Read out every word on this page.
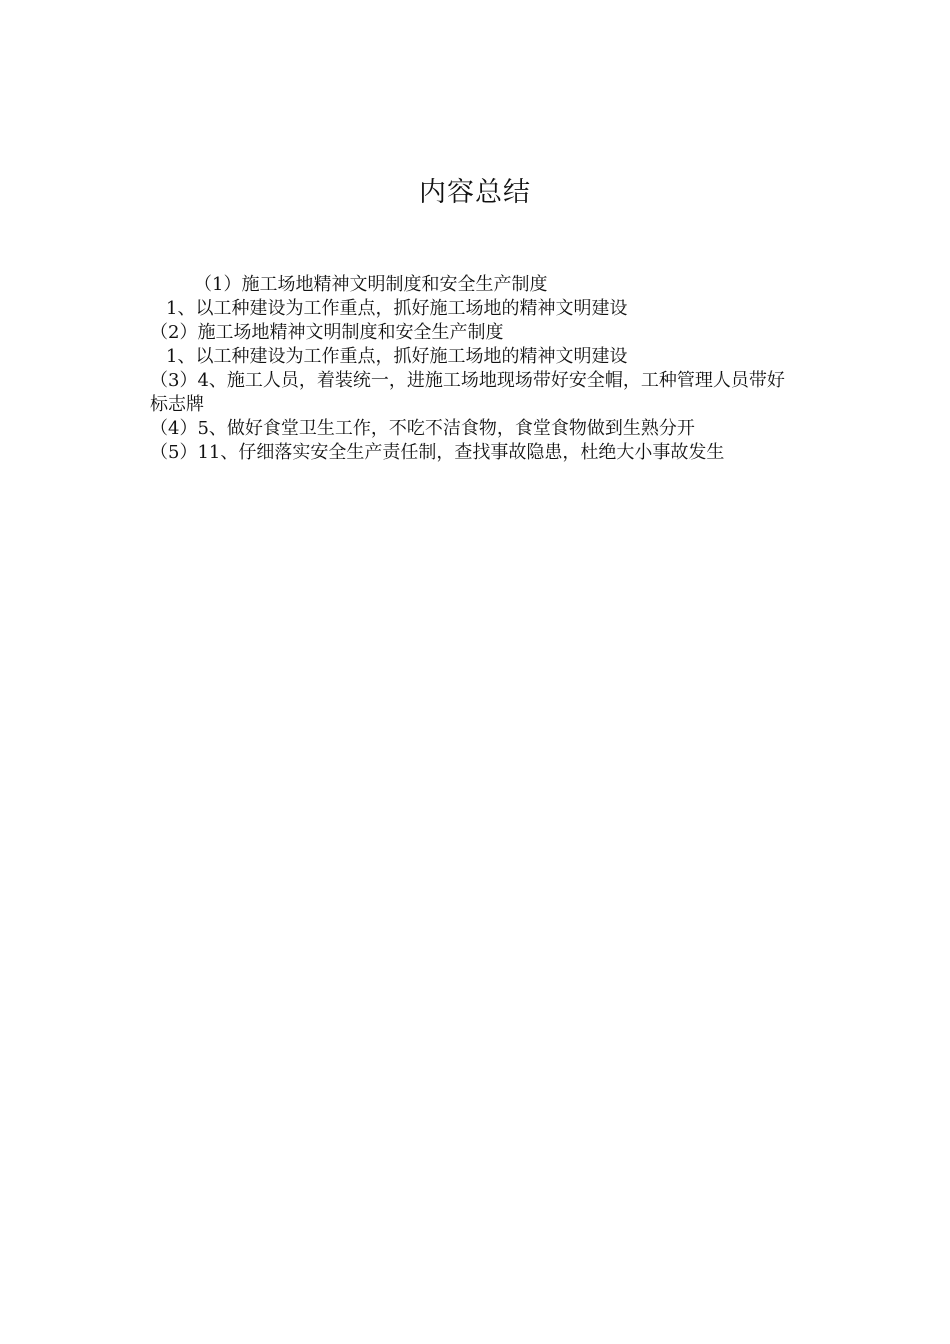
内容总结

（1）施工场地精神文明制度和安全生产制度

1、以工种建设为工作重点，抓好施工场地的精神文明建设

（2）施工场地精神文明制度和安全生产制度

1、以工种建设为工作重点，抓好施工场地的精神文明建设

（3）4、施工人员，着装统一，进施工场地现场带好安全帽，工种管理人员带好标志牌

（4）5、做好食堂卫生工作，不吃不洁食物，食堂食物做到生熟分开

（5）11、仔细落实安全生产责任制，查找事故隐患，杜绝大小事故发生
